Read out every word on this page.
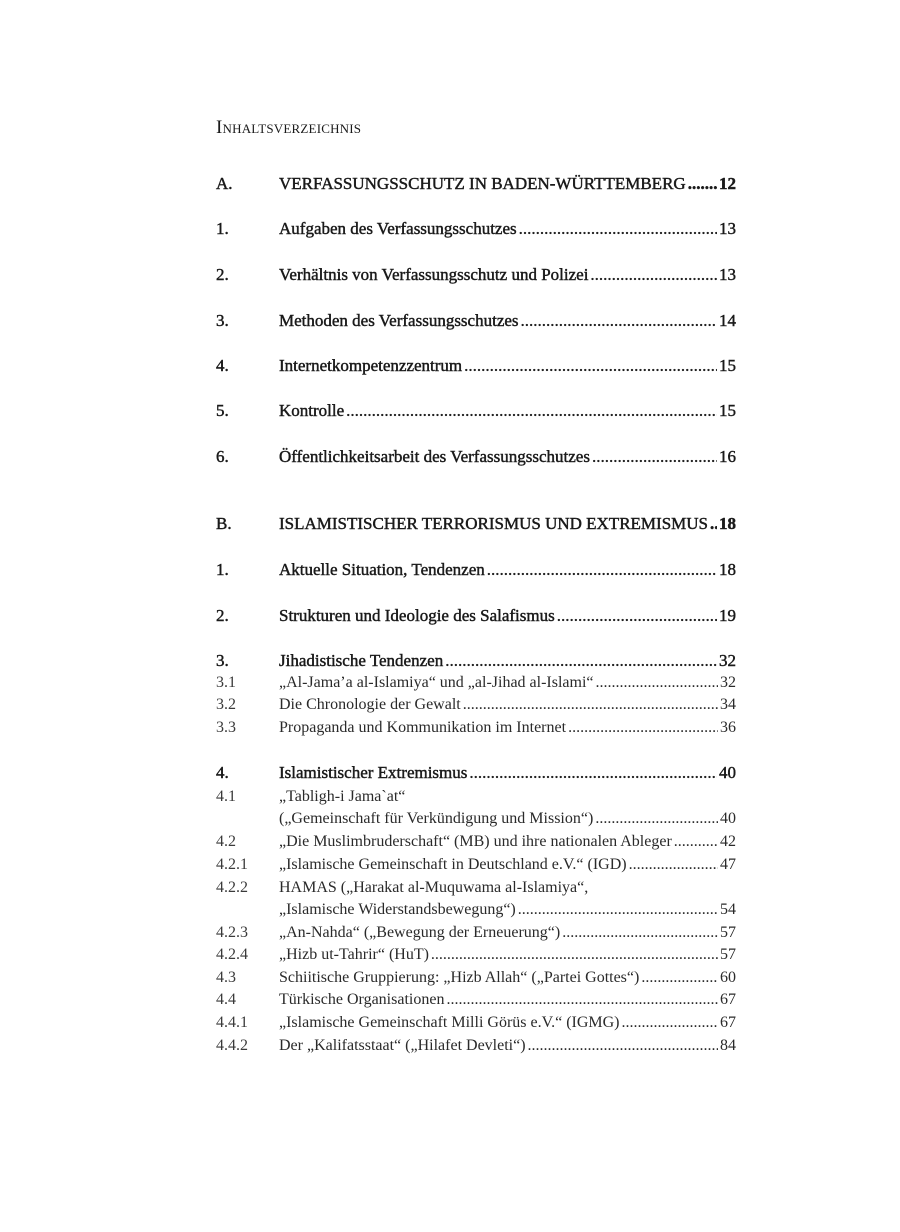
Inhaltsverzeichnis
A.	VERFASSUNGSSCHUTZ IN BADEN-WÜRTTEMBERG ..... 12
1.	Aufgaben des Verfassungsschutzes .....	13
2.	Verhältnis von Verfassungsschutz und Polizei .....	13
3.	Methoden des Verfassungsschutzes .....	14
4.	Internetkompetenzzentrum .....	15
5.	Kontrolle .....	15
6.	Öffentlichkeitsarbeit des Verfassungsschutzes .....	16
B.	ISLAMISTISCHER TERRORISMUS UND EXTREMISMUS ..... 18
1.	Aktuelle Situation, Tendenzen .....	18
2.	Strukturen und Ideologie des Salafismus .....	19
3.	Jihadistische Tendenzen .....	32
3.1	„Al-Jama’a al-Islamiya“ und „al-Jihad al-Islami“ .....	32
3.2	Die Chronologie der Gewalt .....	34
3.3	Propaganda und Kommunikation im Internet .....	36
4.	Islamistischer Extremismus .....	40
4.1	„Tabligh-i Jama`at“
(„Gemeinschaft für Verkündigung und Mission“) .....	40
4.2	„Die Muslimbruderschaft“ (MB) und ihre nationalen Ableger .....	42
4.2.1	„Islamische Gemeinschaft in Deutschland e.V.“ (IGD) .....	47
4.2.2	HAMAS („Harakat al-Muquwama al-Islamiya“,
„Islamische Widerstandsbewegung“) .....	54
4.2.3	„An-Nahda“ („Bewegung der Erneuerung“) .....	57
4.2.4	„Hizb ut-Tahrir“ (HuT) .....	57
4.3	Schiitische Gruppierung: „Hizb Allah“ („Partei Gottes“) .....	60
4.4	Türkische Organisationen .....	67
4.4.1	„Islamische Gemeinschaft Milli Görüs e.V.“ (IGMG) .....	67
4.4.2	Der „Kalifatsstaat“ („Hilafet Devleti“) .....	84
